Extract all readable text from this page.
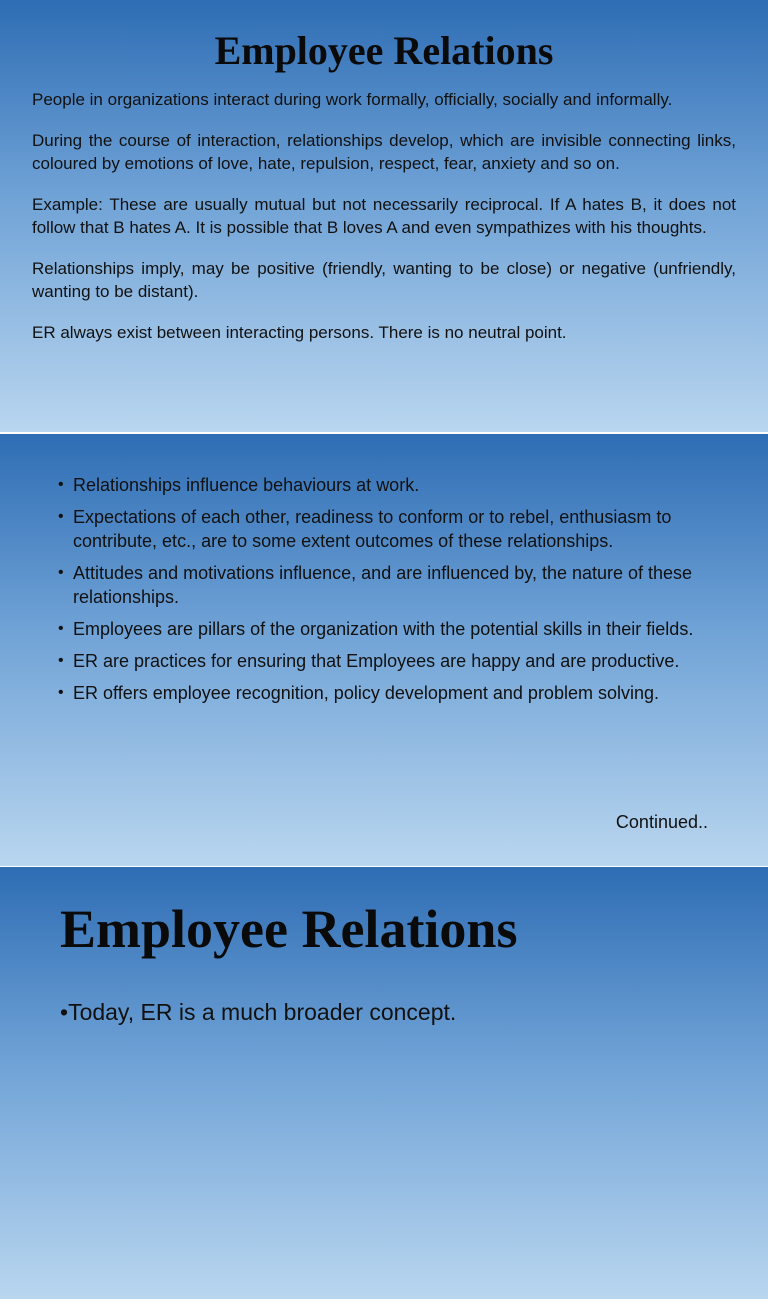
Employee Relations

People in organizations interact during work formally, officially, socially and informally.

During the course of interaction, relationships develop, which are invisible connecting links, coloured by emotions of love, hate, repulsion, respect, fear, anxiety and so on.

Example: These are usually mutual but not necessarily reciprocal. If A hates B, it does not follow that B hates A. It is possible that B loves A and even sympathizes with his thoughts.

Relationships imply, may be positive (friendly, wanting to be close) or negative (unfriendly, wanting to be distant).

ER always exist between interacting persons. There is no neutral point.

• Relationships influence behaviours at work.
• Expectations of each other, readiness to conform or to rebel, enthusiasm to contribute, etc., are to some extent outcomes of these relationships.
• Attitudes and motivations influence, and are influenced by, the nature of these relationships.
• Employees are pillars of the organization with the potential skills in their fields.
• ER are practices for ensuring that Employees are happy and are productive.
• ER offers employee recognition, policy development and problem solving.
Continued..
Employee Relations
•Today, ER is a much broader concept.
